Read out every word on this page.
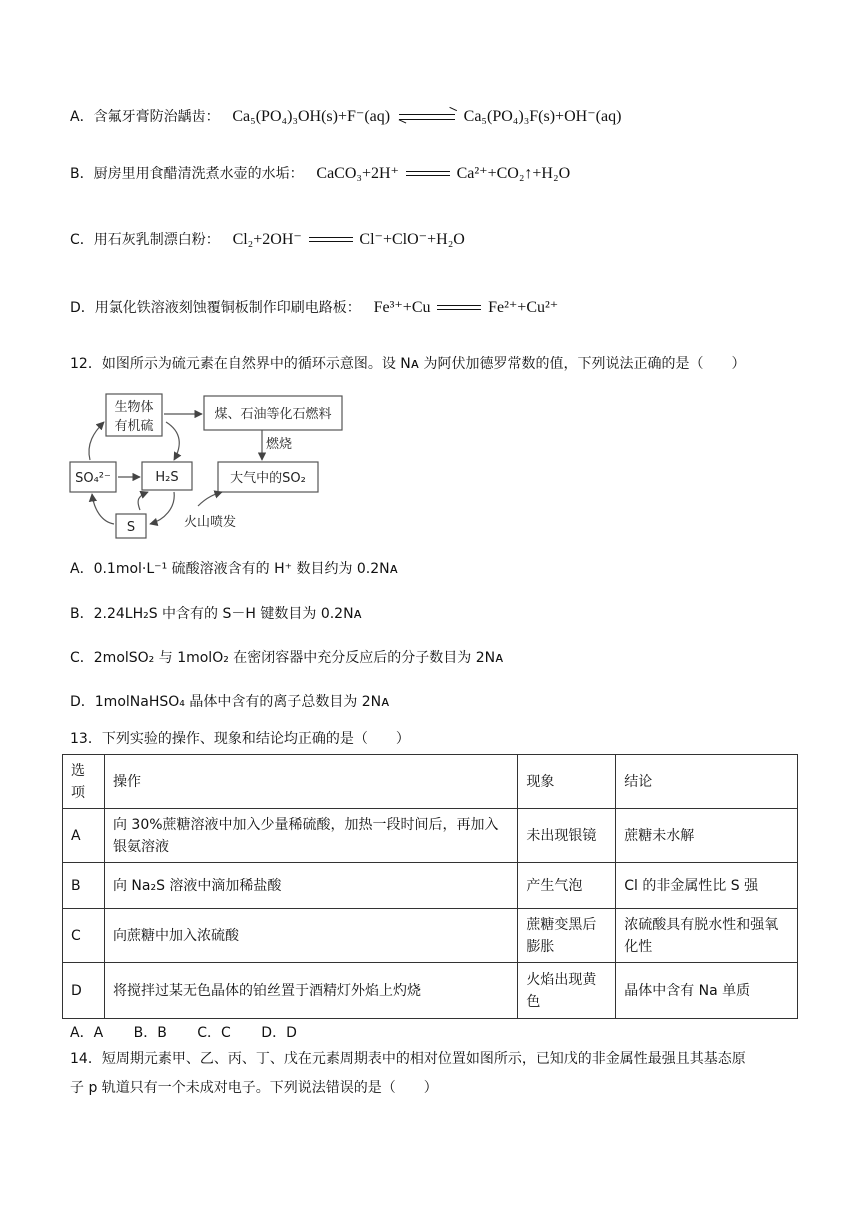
A．含氟牙膏防治龋齿： Ca₅(PO₄)₃OH(s)+F⁻(aq)	Ca₅(PO₄)₃F(s)+OH⁻(aq)
B．厨房里用食醋清洗煮水壶的水垢： CaCO₃+2H⁺	Ca²⁺+CO₂↑+H₂O
C．用石灰乳制漂白粉： Cl₂+2OH⁻	Cl⁻+ClO⁻+H₂O
D．用氯化铁溶液刻蚀覆铜板制作印刷电路板： Fe³⁺+Cu	Fe²⁺+Cu²⁺
12．如图所示为硫元素在自然界中的循环示意图。设 Nᴀ 为阿伏加德罗常数的值，下列说法正确的是（　　）
生物体
有机硫
煤、石油等化石燃料
燃烧
SO₄²⁻	H₂S	大气中的SO₂
S	火山喷发
A．0.1mol·L⁻¹ 硫酸溶液含有的 H⁺ 数目约为 0.2Nᴀ
B．2.24LH₂S 中含有的 S－H 键数目为 0.2Nᴀ
C．2molSO₂ 与 1molO₂ 在密闭容器中充分反应后的分子数目为 2Nᴀ
D．1molNaHSO₄ 晶体中含有的离子总数目为 2Nᴀ
13．下列实验的操作、现象和结论均正确的是（　　）
选项	操作	现象	结论
A	向 30%蔗糖溶液中加入少量稀硫酸，加热一段时间后，再加入银氨溶液	未出现银镜	蔗糖未水解
B	向 Na₂S 溶液中滴加稀盐酸	产生气泡	Cl 的非金属性比 S 强
C	向蔗糖中加入浓硫酸	蔗糖变黑后膨胀	浓硫酸具有脱水性和强氧化性
D	将搅拌过某无色晶体的铂丝置于酒精灯外焰上灼烧	火焰出现黄色	晶体中含有 Na 单质
A．A B．B C．C D．D
14．短周期元素甲、乙、丙、丁、戊在元素周期表中的相对位置如图所示，已知戊的非金属性最强且其基态原
子 p 轨道只有一个未成对电子。下列说法错误的是（　　）
